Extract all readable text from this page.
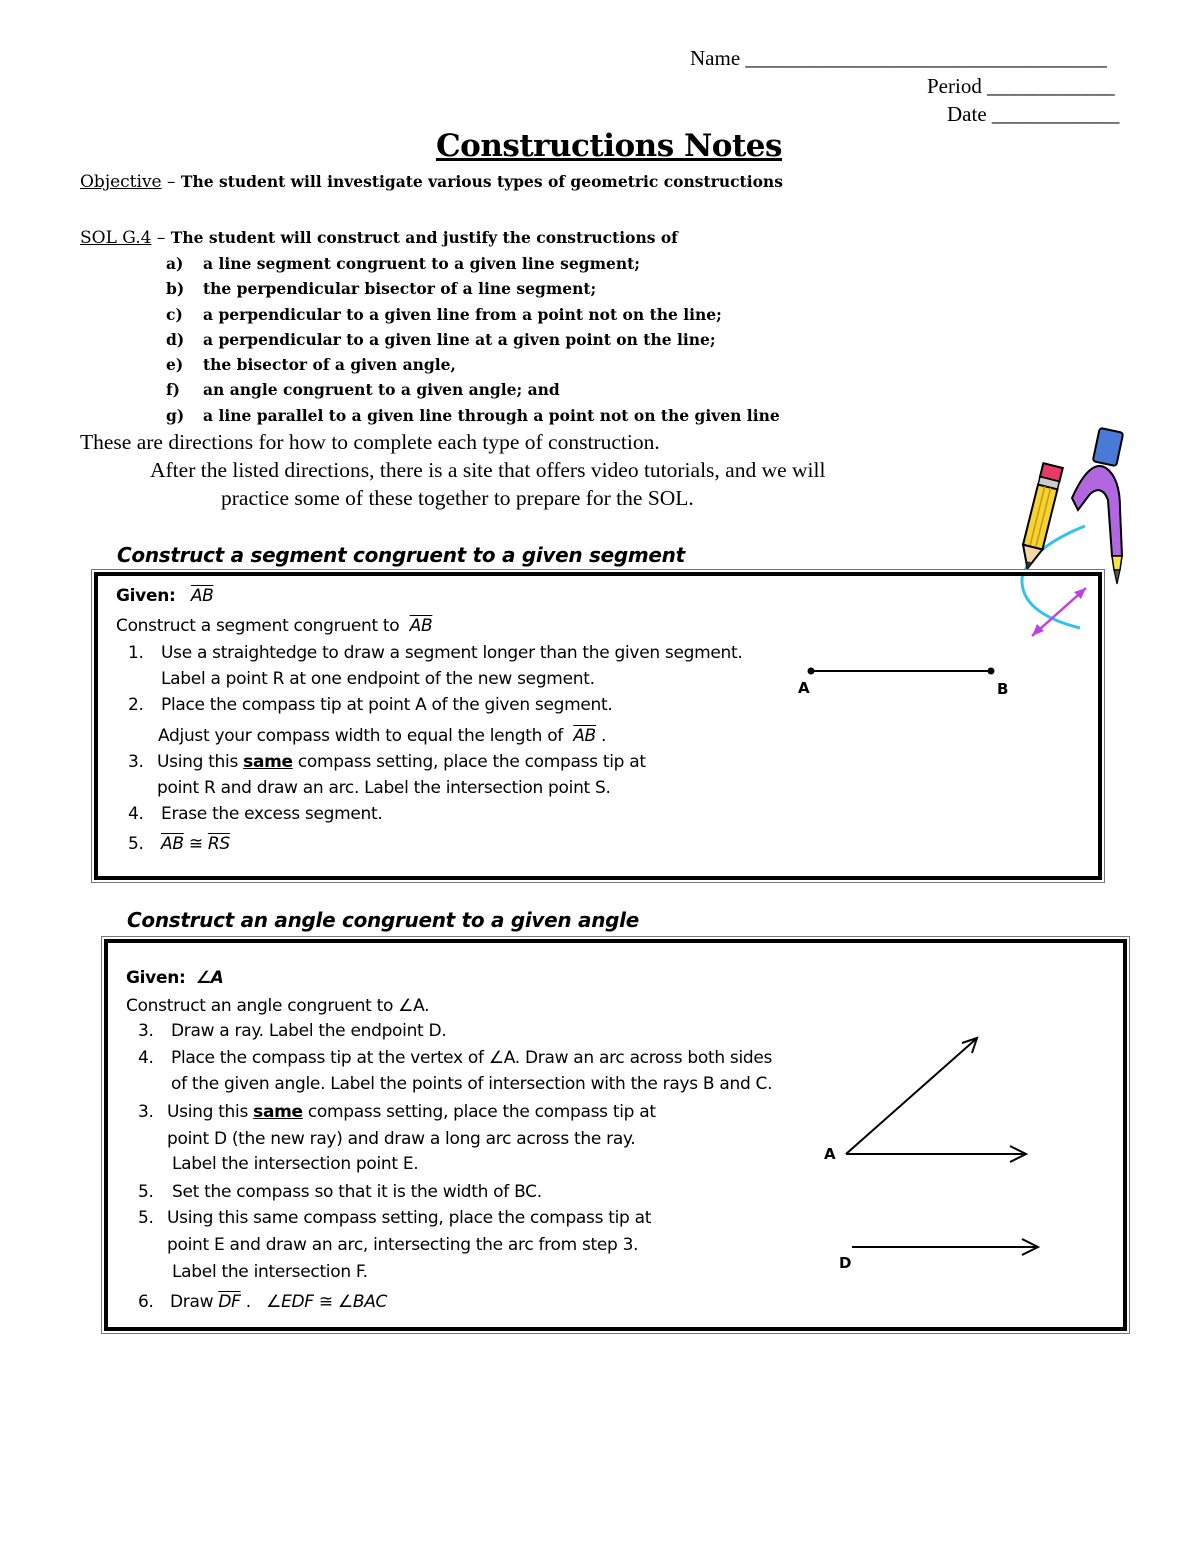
Name ________________________________________
Period ______________
Date ______________
Constructions Notes
Objective – The student will investigate various types of geometric constructions
SOL G.4 – The student will construct and justify the constructions of
a) a line segment congruent to a given line segment;
b) the perpendicular bisector of a line segment;
c) a perpendicular to a given line from a point not on the line;
d) a perpendicular to a given line at a given point on the line;
e) the bisector of a given angle,
f) an angle congruent to a given angle; and
g) a line parallel to a given line through a point not on the given line
These are directions for how to complete each type of construction.
After the listed directions, there is a site that offers video tutorials, and we will
practice some of these together to prepare for the SOL.
Construct a segment congruent to a given segment
Given: $\overline{AB}$
Construct a segment congruent to $\overline{AB}$
1. Use a straightedge to draw a segment longer than the given segment.
Label a point R at one endpoint of the new segment.
2. Place the compass tip at point A of the given segment.
Adjust your compass width to equal the length of $\overline{AB}$ .
3. Using this same compass setting, place the compass tip at
point R and draw an arc. Label the intersection point S.
4. Erase the excess segment.
5. $\overline{AB}$ ≅ $\overline{RS}$
A	B
Construct an angle congruent to a given angle
Given: ∠A
Construct an angle congruent to ∠A.
3. Draw a ray. Label the endpoint D.
4. Place the compass tip at the vertex of ∠A. Draw an arc across both sides
of the given angle. Label the points of intersection with the rays B and C.
3. Using this same compass setting, place the compass tip at
point D (the new ray) and draw a long arc across the ray.
Label the intersection point E.
5. Set the compass so that it is the width of BC.
5. Using this same compass setting, place the compass tip at
point E and draw an arc, intersecting the arc from step 3.
Label the intersection F.
6. Draw $\overline{DF}$ . ∠EDF ≅ ∠BAC
A
D
